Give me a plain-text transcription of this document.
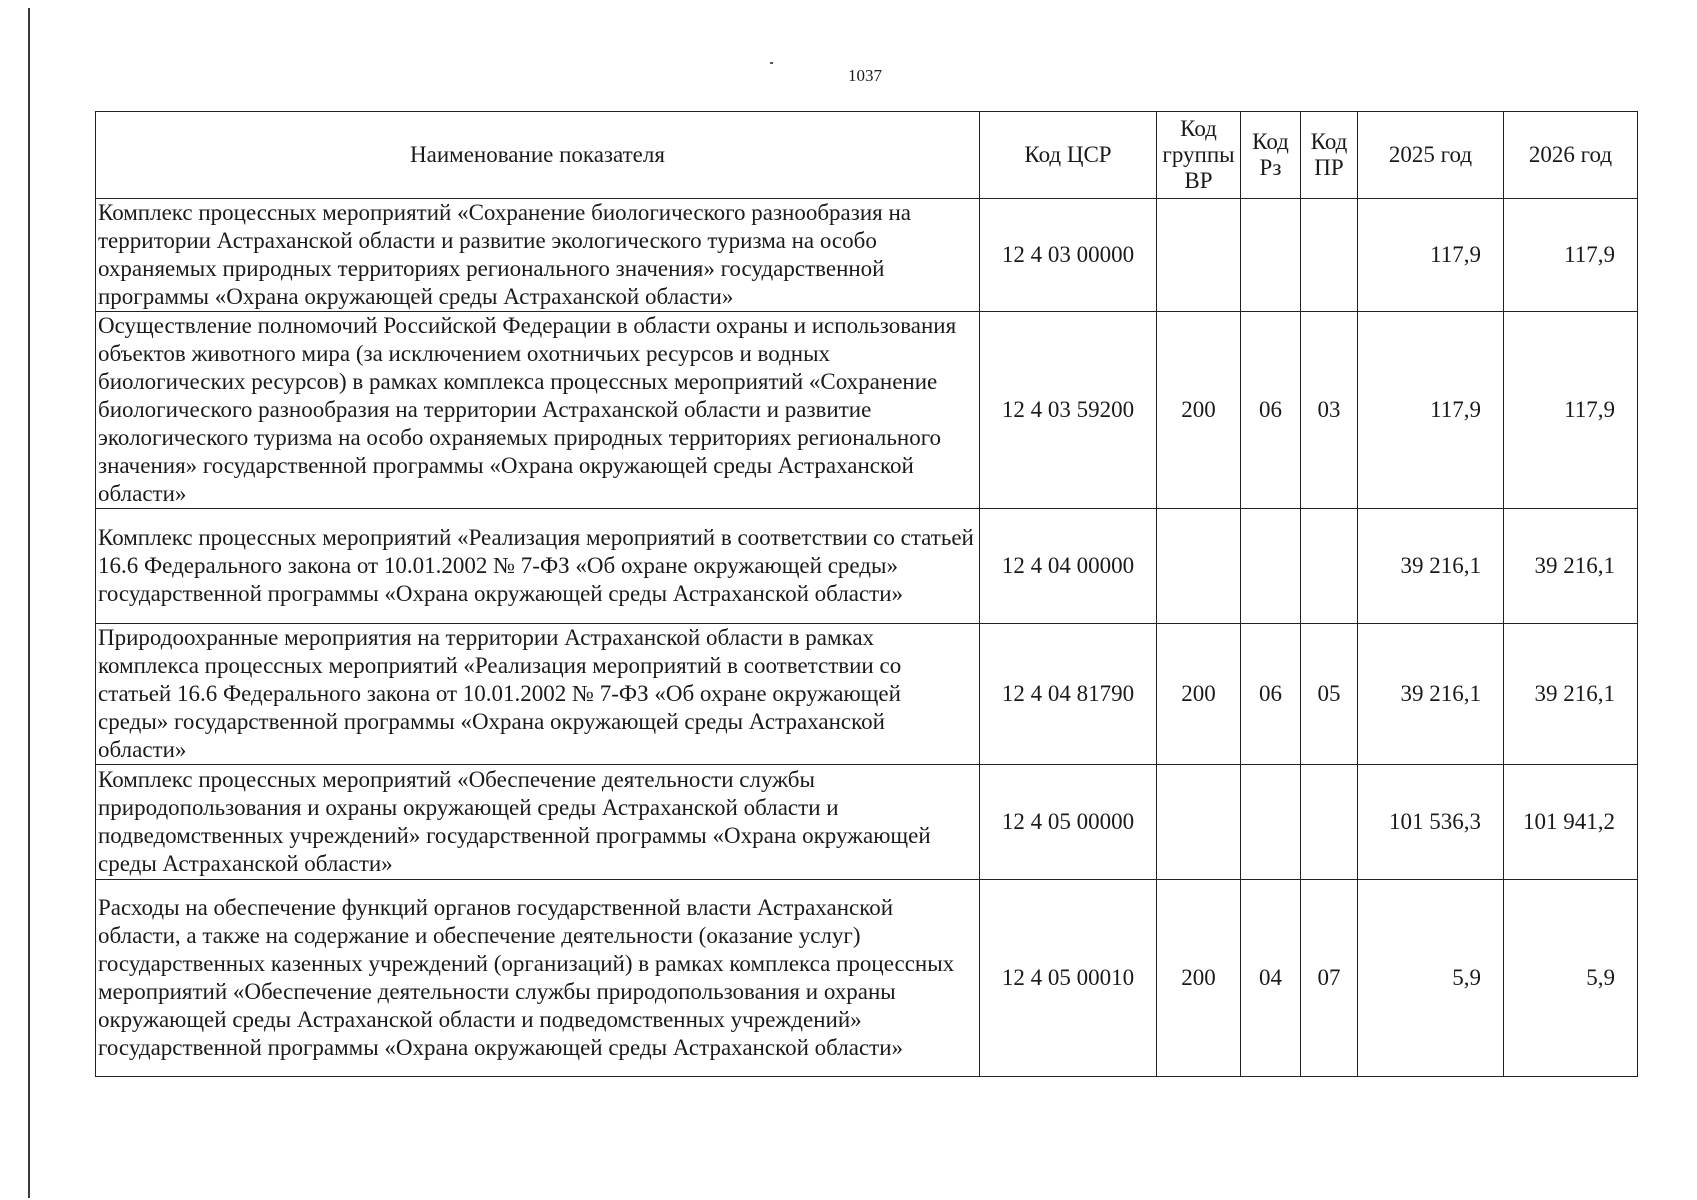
1037
Наименование показателя	Код ЦСР	Код группы ВР	Код Рз	Код ПР	2025 год	2026 год
Комплекс процессных мероприятий «Сохранение биологического разнообразия на территории Астраханской области и развитие экологического туризма на особо охраняемых природных территориях регионального значения» государственной программы «Охрана окружающей среды Астраханской области»	12 4 03 00000				117,9	117,9
Осуществление полномочий Российской Федерации в области охраны и использования объектов животного мира (за исключением охотничьих ресурсов и водных биологических ресурсов) в рамках комплекса процессных мероприятий «Сохранение биологического разнообразия на территории Астраханской области и развитие экологического туризма на особо охраняемых природных территориях регионального значения» государственной программы «Охрана окружающей среды Астраханской области»	12 4 03 59200	200	06	03	117,9	117,9
Комплекс процессных мероприятий «Реализация мероприятий в соответствии со статьей 16.6 Федерального закона от 10.01.2002 № 7-ФЗ «Об охране окружающей среды» государственной программы «Охрана окружающей среды Астраханской области»	12 4 04 00000				39 216,1	39 216,1
Природоохранные мероприятия на территории Астраханской области в рамках комплекса процессных мероприятий «Реализация мероприятий в соответствии со статьей 16.6 Федерального закона от 10.01.2002 № 7-ФЗ «Об охране окружающей среды» государственной программы «Охрана окружающей среды Астраханской области»	12 4 04 81790	200	06	05	39 216,1	39 216,1
Комплекс процессных мероприятий «Обеспечение деятельности службы природопользования и охраны окружающей среды Астраханской области и подведомственных учреждений» государственной программы «Охрана окружающей среды Астраханской области»	12 4 05 00000				101 536,3	101 941,2
Расходы на обеспечение функций органов государственной власти Астраханской области, а также на содержание и обеспечение деятельности (оказание услуг) государственных казенных учреждений (организаций) в рамках комплекса процессных мероприятий «Обеспечение деятельности службы природопользования и охраны окружающей среды Астраханской области и подведомственных учреждений» государственной программы «Охрана окружающей среды Астраханской области»	12 4 05 00010	200	04	07	5,9	5,9
